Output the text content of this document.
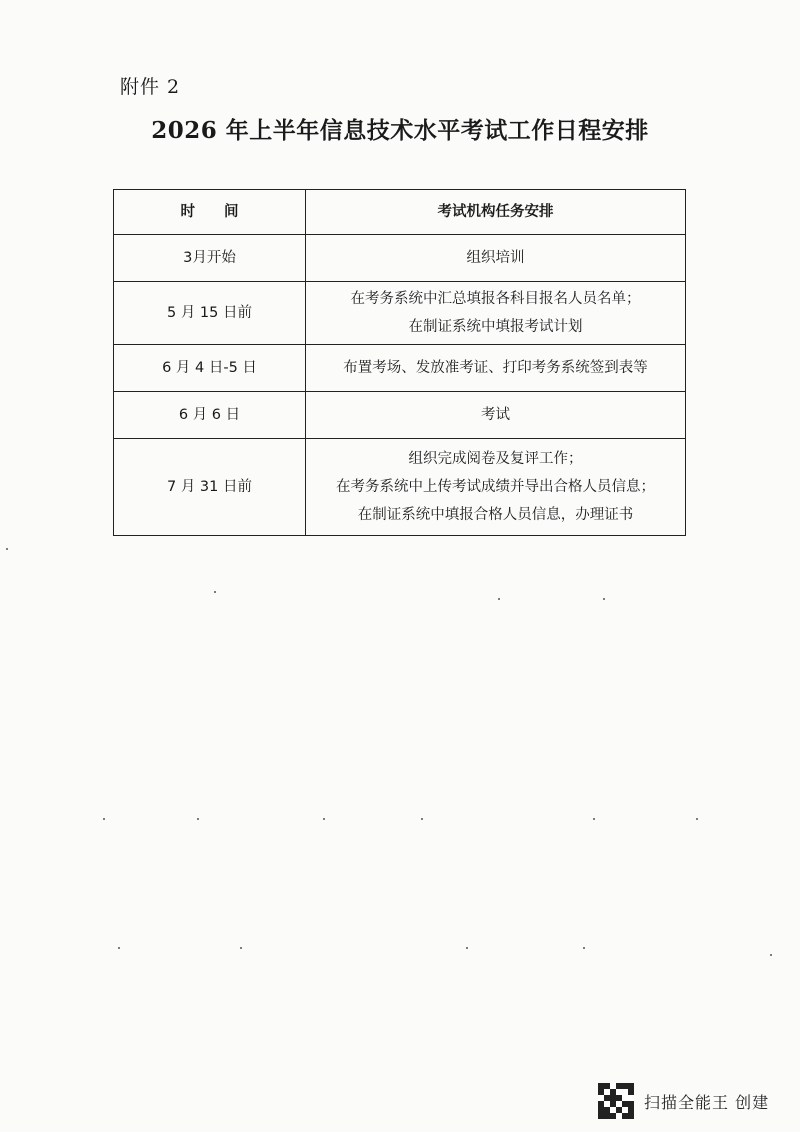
附件 2
2026 年上半年信息技术水平考试工作日程安排
时　　间	考试机构任务安排
3月开始	组织培训

5 月 15 日前	在考务系统中汇总填报各科目报名人员名单；
在制证系统中填报考试计划

6 月 4 日-5 日	布置考场、发放准考证、打印考务系统签到表等

6 月 6 日	考试

7 月 31 日前	组织完成阅卷及复评工作；
在考务系统中上传考试成绩并导出合格人员信息；
在制证系统中填报合格人员信息，办理证书
扫描全能王 创建
